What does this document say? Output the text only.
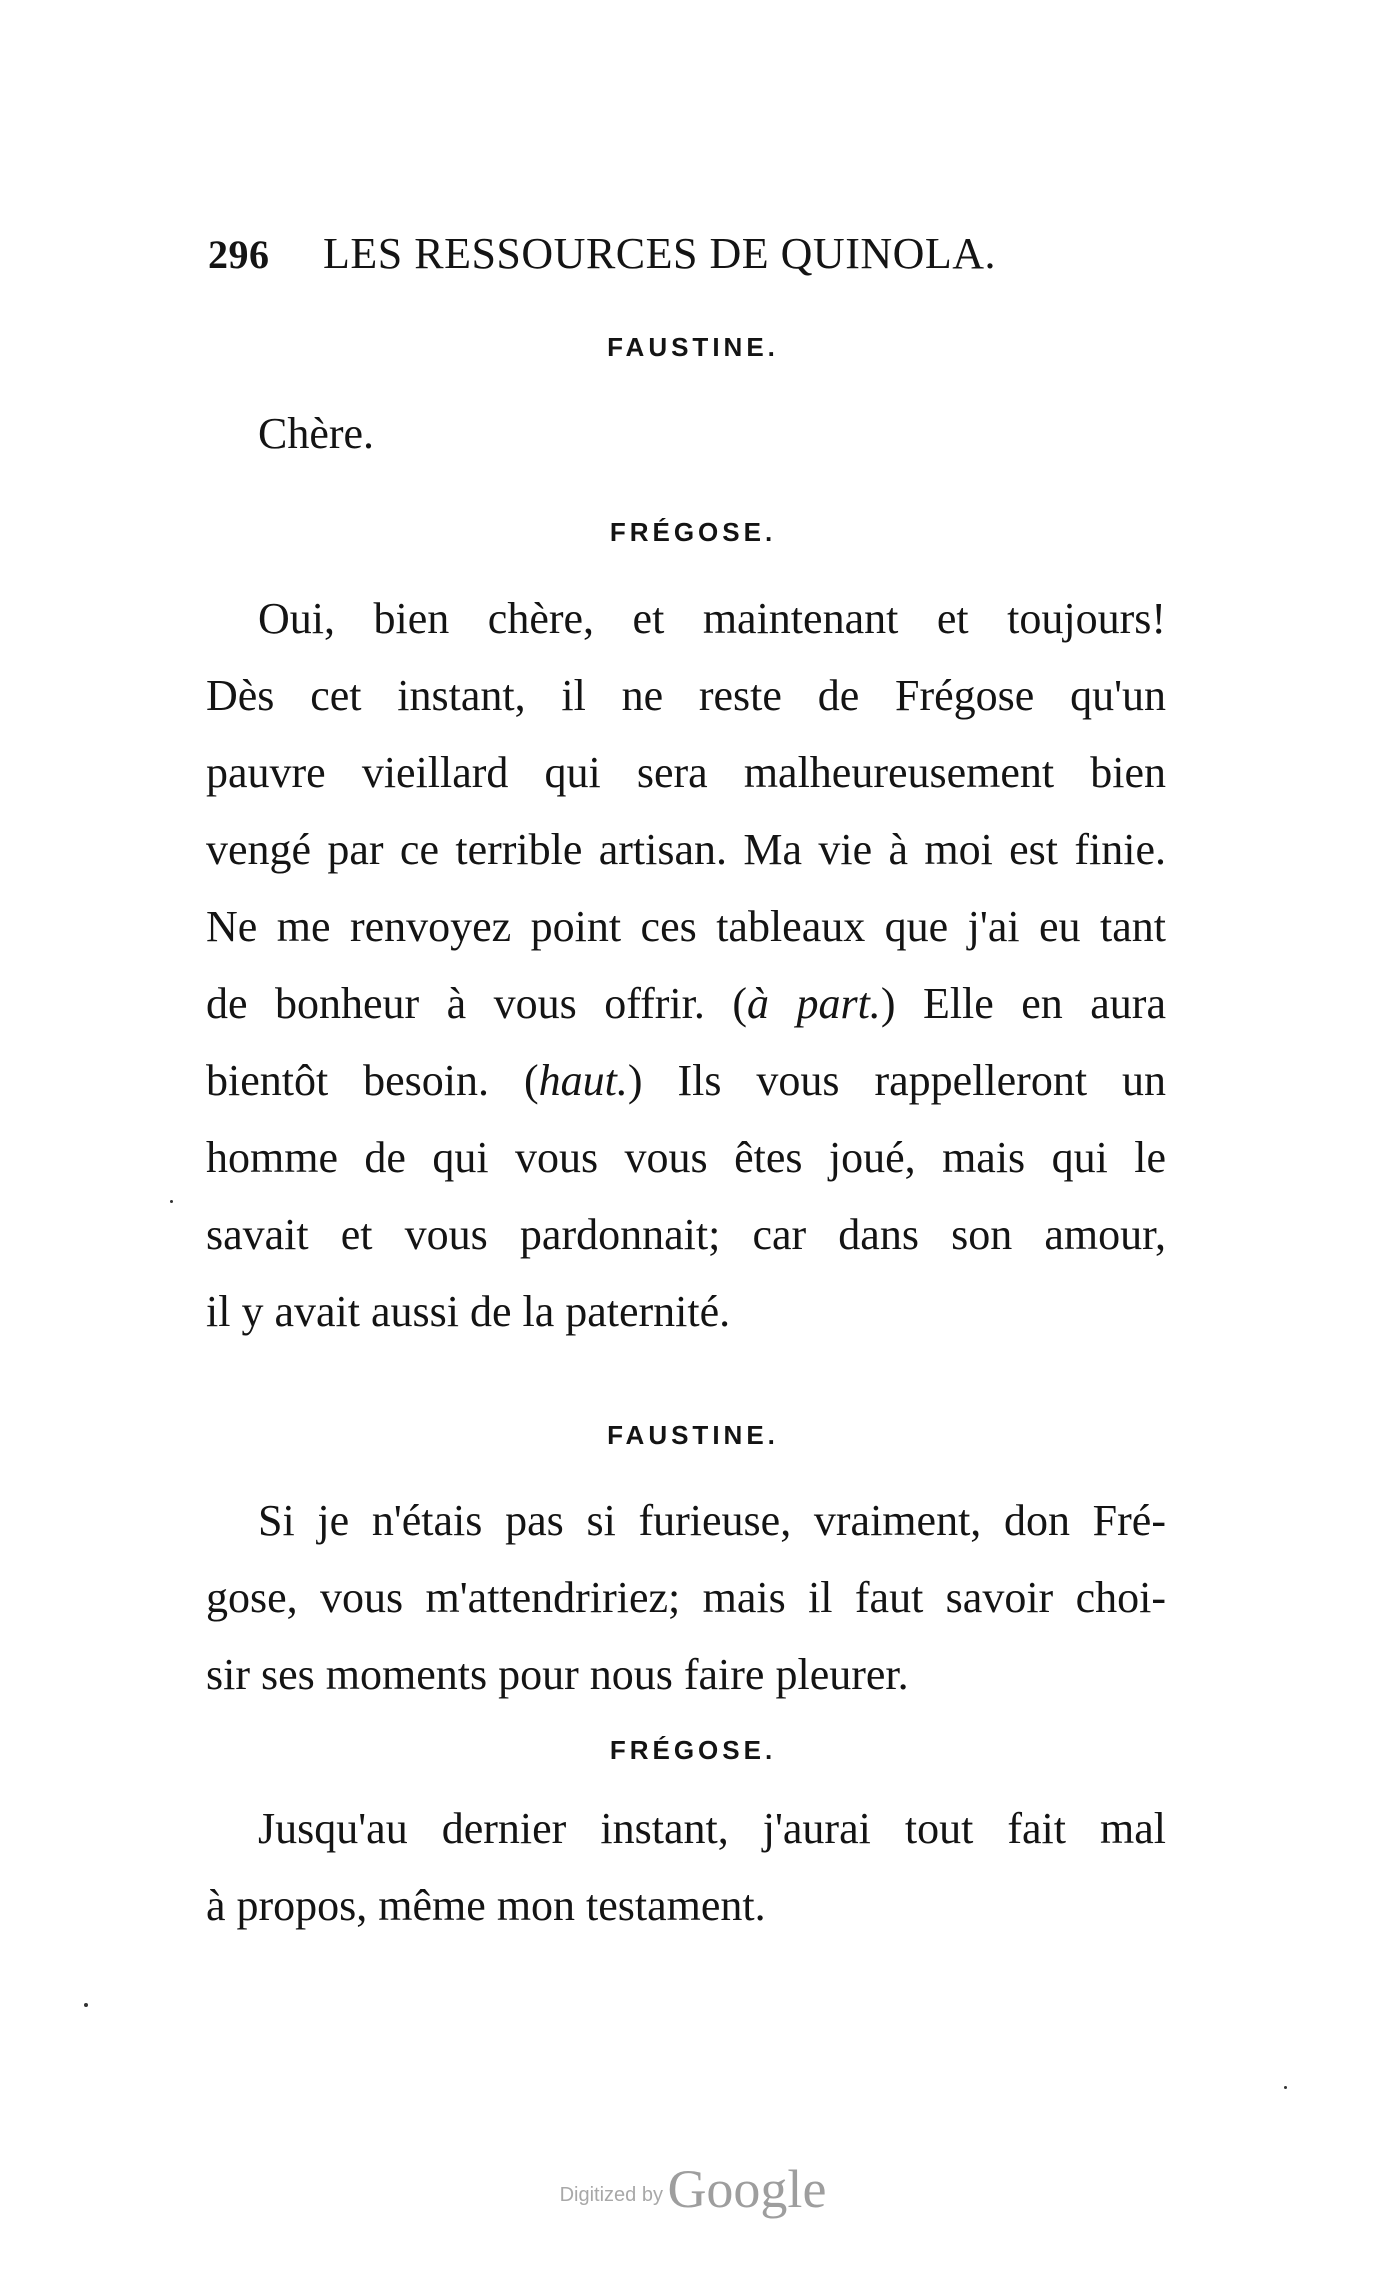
296 LES RESSOURCES DE QUINOLA.
FAUSTINE.

Chère.

FRÉGOSE.

Oui, bien chère, et maintenant et toujours!
Dès cet instant, il ne reste de Frégose qu'un
pauvre vieillard qui sera malheureusement bien
vengé par ce terrible artisan. Ma vie à moi est finie.
Ne me renvoyez point ces tableaux que j'ai eu tant
de bonheur à vous offrir. (à part.) Elle en aura
bientôt besoin. (haut.) Ils vous rappelleront un
homme de qui vous vous êtes joué, mais qui le
savait et vous pardonnait; car dans son amour,
il y avait aussi de la paternité.

FAUSTINE.

Si je n'étais pas si furieuse, vraiment, don Fré-
gose, vous m'attendririez; mais il faut savoir choi-
sir ses moments pour nous faire pleurer.

FRÉGOSE.

Jusqu'au dernier instant, j'aurai tout fait mal
à propos, même mon testament.

Digitized by Google
